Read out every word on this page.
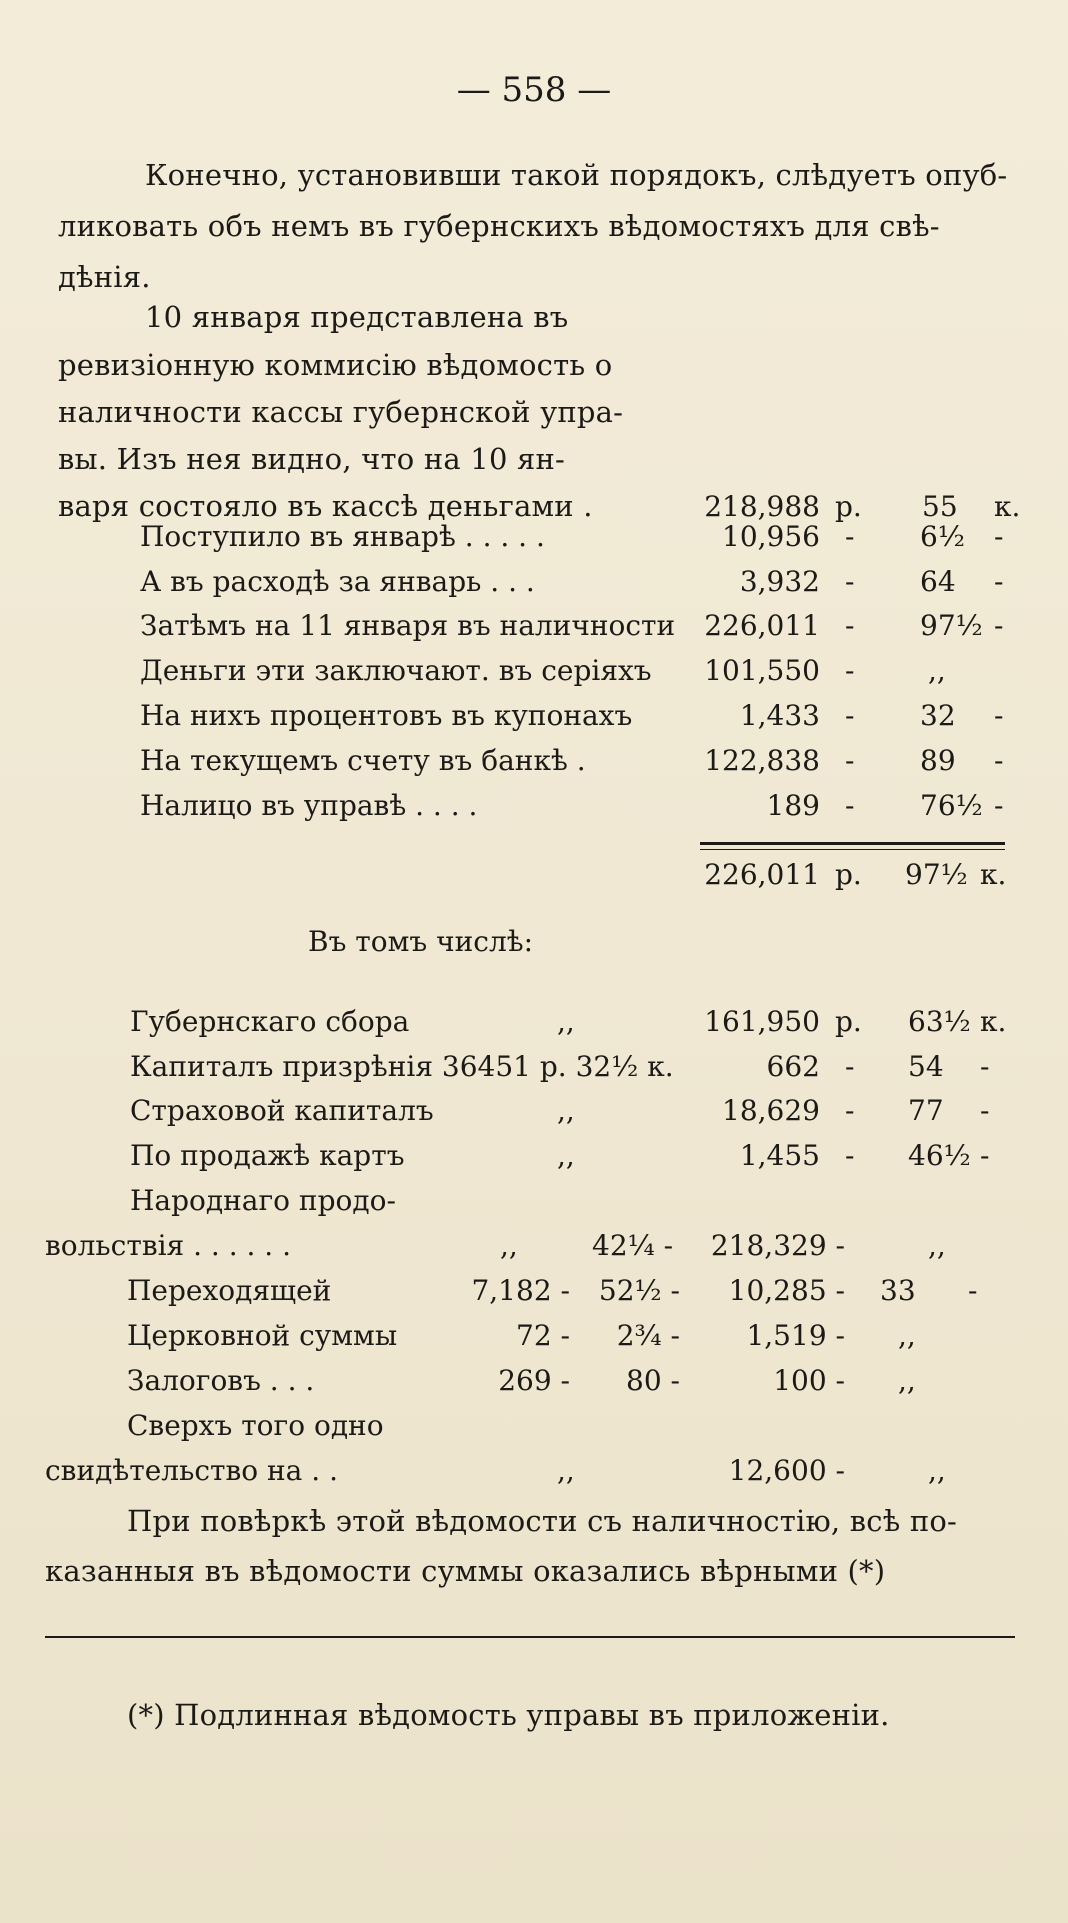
— 558 —
Конечно, установивши такой порядокъ, слѣдуетъ опуб-
ликовать объ немъ въ губернскихъ вѣдомостяхъ для свѣ-
дѣнія.
10 января представлена въ
ревизіонную коммисію вѣдомость о
наличности кассы губернской упра-
вы. Изъ нея видно, что на 10 ян-
варя состояло въ кассѣ деньгами .	218,988 р. 55 к.
Поступило въ январѣ . . . . .	10,956 - 6¹⁄₂ -
А въ расходѣ за январь . . .	3,932 - 64 -
Затѣмъ на 11 января въ наличности	226,011 - 97¹⁄₂ -
Деньги эти заключают. въ серіяхъ	101,550 -	,,
На нихъ процентовъ въ купонахъ	1,433 - 32 -
На текущемъ счету въ банкѣ .	122,838 - 89 -
Налицо въ управѣ . . . .	189 - 76¹⁄₂ -
226,011 р. 97¹⁄₂ к.
Въ томъ числѣ:
Губернскаго сбора	,,	161,950 р. 63¹⁄₂ к.
Капиталъ призрѣнія 36451 р. 32¹⁄₂ к.	662 - 54 -
Страховой капиталъ	,,	18,629 - 77 -
По продажѣ картъ	,,	1,455 - 46¹⁄₂ -
Народнаго продо-
вольствія . . . . . .	,,	42¹⁄₄ -	218,329 -	,,
Переходящей	7,182 -	52¹⁄₂ -	10,285 - 33 -
Церковной суммы	72 -	2³⁄₄ -	1,519 - ,,
Залоговъ . . .	269 -	80 -	100 - ,,
Сверхъ того одно
свидѣтельство на . .	,,	12,600 -	,,
При повѣркѣ этой вѣдомости съ наличностію, всѣ по-
казанныя въ вѣдомости суммы оказались вѣрными (*)
(*) Подлинная вѣдомость управы въ приложеніи.
